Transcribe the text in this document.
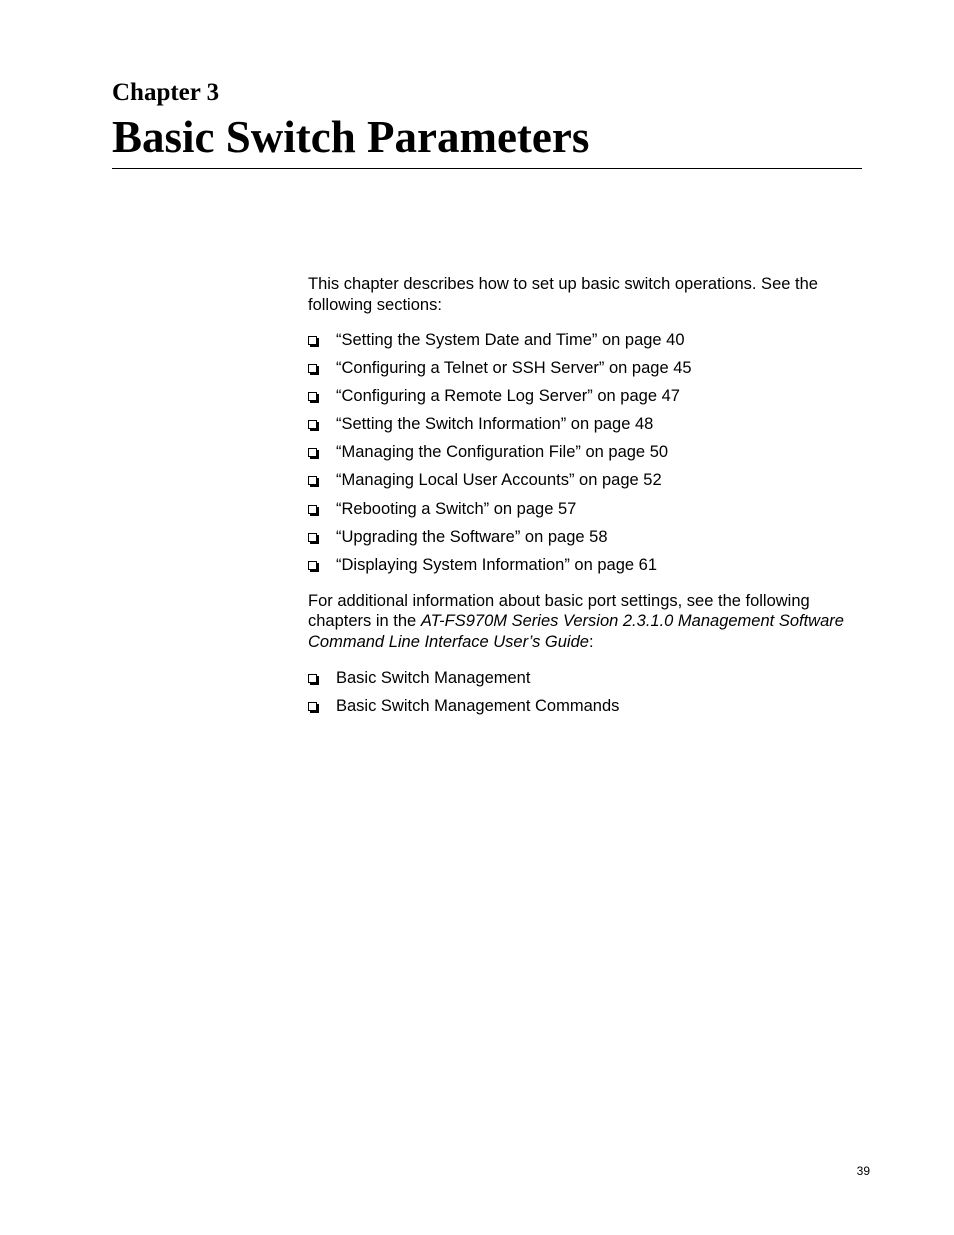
Chapter 3
Basic Switch Parameters

This chapter describes how to set up basic switch operations. See the following sections:

“Setting the System Date and Time” on page 40
“Configuring a Telnet or SSH Server” on page 45
“Configuring a Remote Log Server” on page 47
“Setting the Switch Information” on page 48
“Managing the Configuration File” on page 50
“Managing Local User Accounts” on page 52
“Rebooting a Switch” on page 57
“Upgrading the Software” on page 58
“Displaying System Information” on page 61

For additional information about basic port settings, see the following chapters in the AT-FS970M Series Version 2.3.1.0 Management Software Command Line Interface User’s Guide:

Basic Switch Management
Basic Switch Management Commands
39
